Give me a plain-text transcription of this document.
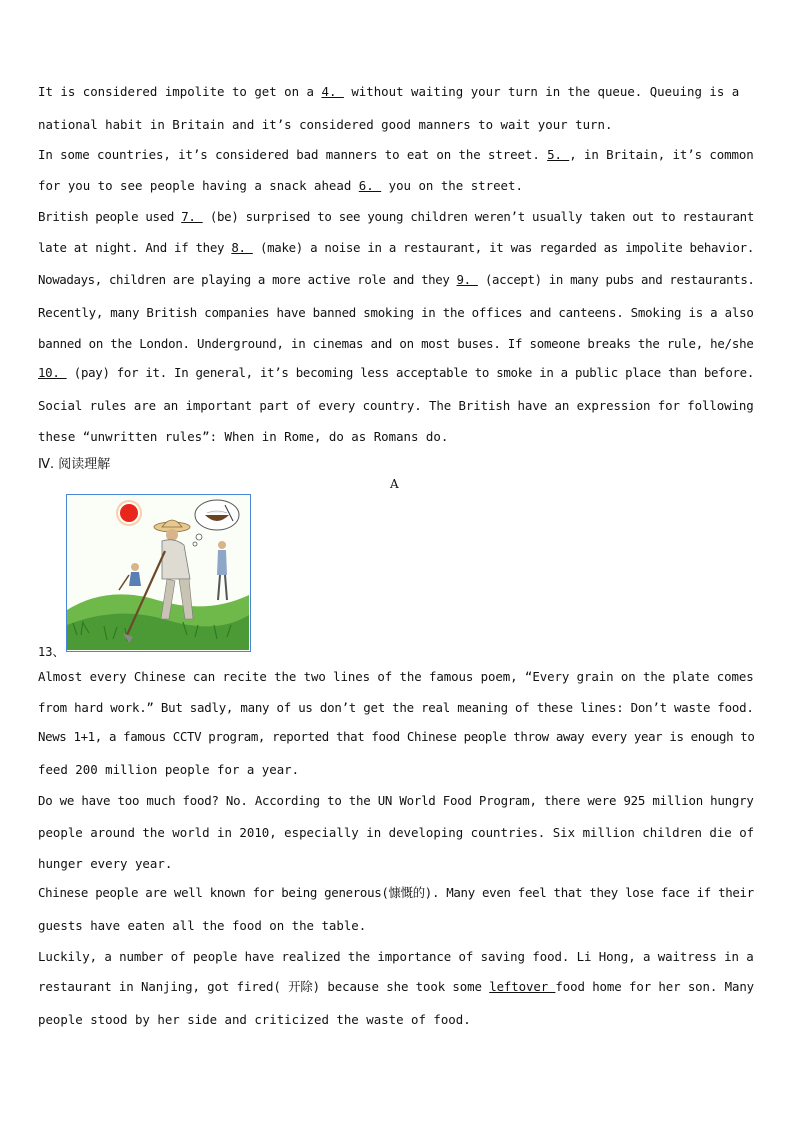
It is considered impolite to get on a 4.  without waiting your turn in the queue. Queuing is a
national habit in Britain and it’s considered good manners to wait your turn.
In some countries, it’s considered bad manners to eat on the street. 5. , in Britain, it’s common
for you to see people having a snack ahead 6.  you on the street.
British people used 7.  (be) surprised to see young children weren’t usually taken out to restaurant
late at night. And if they 8.  (make) a noise in a restaurant, it was regarded as impolite behavior.
Nowadays, children are playing a more active role and they 9.  (accept) in many pubs and restaurants.
Recently, many British companies have banned smoking in the offices and canteens. Smoking is a also
banned on the London. Underground, in cinemas and on most buses. If someone breaks the rule, he/she
10.  (pay) for it. In general, it’s becoming less acceptable to smoke in a public place than before.
Social rules are an important part of every country. The British have an expression for following
these “unwritten rules”: When in Rome, do as Romans do.
Ⅳ. 阅读理解
A
13、
Almost every Chinese can recite the two lines of the famous poem, “Every grain on the plate comes
from hard work.” But sadly, many of us don’t get the real meaning of these lines: Don’t waste food.
News 1+1, a famous CCTV program, reported that food Chinese people throw away every year is enough to
feed 200 million people for a year.
Do we have too much food? No. According to the UN World Food Program, there were 925 million hungry
people around the world in 2010, especially in developing countries. Six million children die of
hunger every year.
Chinese people are well known for being generous(慷慨的). Many even feel that they lose face if their
guests have eaten all the food on the table.
Luckily, a number of people have realized the importance of saving food. Li Hong, a waitress in a
restaurant in Nanjing, got fired( 开除) because she took some leftover food home for her son. Many
people stood by her side and criticized the waste of food.
